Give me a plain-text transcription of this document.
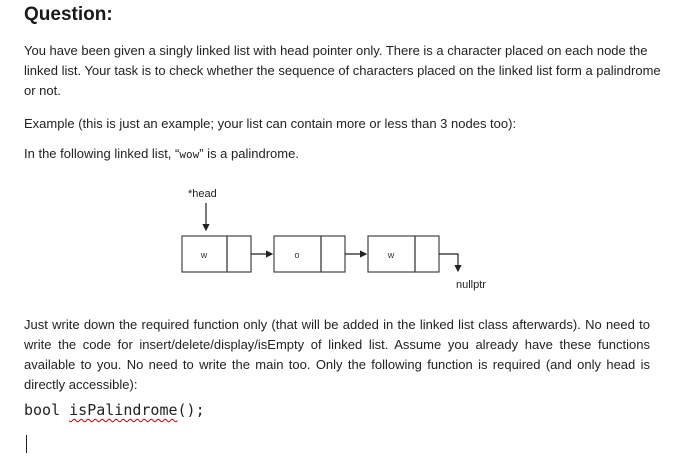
Question:

You have been given a singly linked list with head pointer only. There is a character placed on each node the linked list. Your task is to check whether the sequence of characters placed on the linked list form a palindrome or not.

Example (this is just an example; your list can contain more or less than 3 nodes too):

In the following linked list, “wow” is a palindrome.

*head
w	o	w
nullptr

Just write down the required function only (that will be added in the linked list class afterwards). No need to write the code for insert/delete/display/isEmpty of linked list. Assume you already have these functions available to you. No need to write the main too. Only the following function is required (and only head is directly accessible):

bool isPalindrome();
